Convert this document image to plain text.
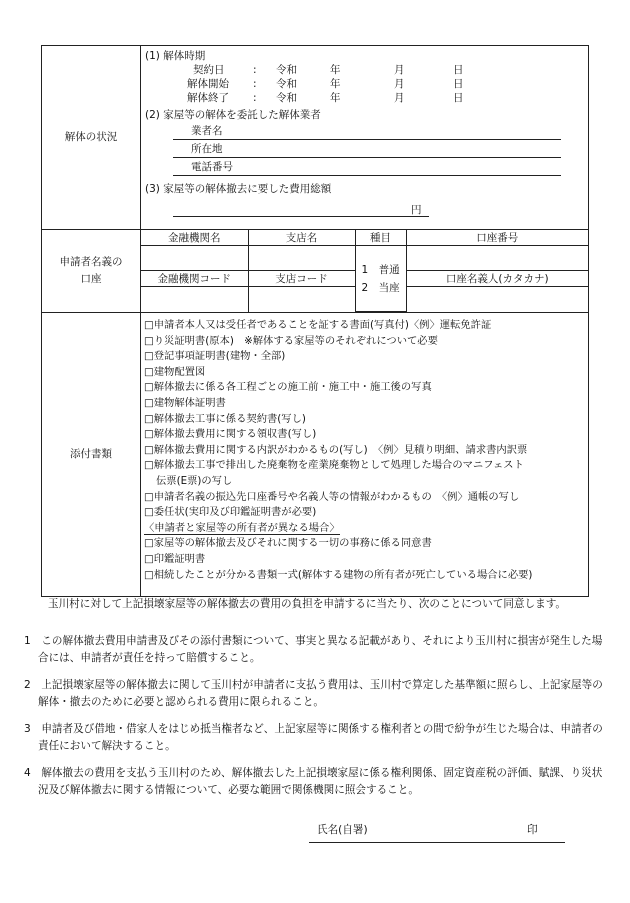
解体の状況
(1) 解体時期
契約日	: 令和	年	月	日
解体開始 : 令和	年	月	日
解体終了 : 令和	年	月	日
(2) 家屋等の解体を委託した解体業者
業者名
所在地
電話番号
(3) 家屋等の解体撤去に要した費用総額
円
申請者名義の
口座
金融機関名	支店名	種目	口座番号

		1　普通
2　当座	

金融機関コード	支店コード		口座名義人(カタカナ)

添付書類
□申請者本人又は受任者であることを証する書面(写真付)〈例〉運転免許証
□り災証明書(原本)　※解体する家屋等のそれぞれについて必要
□登記事項証明書(建物・全部)
□建物配置図
□解体撤去に係る各工程ごとの施工前・施工中・施工後の写真
□建物解体証明書
□解体撤去工事に係る契約書(写し)
□解体撤去費用に関する領収書(写し)
□解体撤去費用に関する内訳がわかるもの(写し)　〈例〉見積り明細、請求書内訳票
□解体撤去工事で排出した廃棄物を産業廃棄物として処理した場合のマニフェスト
伝票(E票)の写し
□申請者名義の振込先口座番号や名義人等の情報がわかるもの　〈例〉通帳の写し
□委任状(実印及び印鑑証明書が必要)
〈申請者と家屋等の所有者が異なる場合〉
□家屋等の解体撤去及びそれに関する一切の事務に係る同意書
□印鑑証明書
□相続したことが分かる書類一式(解体する建物の所有者が死亡している場合に必要)
玉川村に対して上記損壊家屋等の解体撤去の費用の負担を申請するに当たり、次のことについて同意します。
1　この解体撤去費用申請書及びその添付書類について、事実と異なる記載があり、それにより玉川村に損害が発生した場合には、申請者が責任を持って賠償すること。
2　上記損壊家屋等の解体撤去に関して玉川村が申請者に支払う費用は、玉川村で算定した基準額に照らし、上記家屋等の解体・撤去のために必要と認められる費用に限られること。
3　申請者及び借地・借家人をはじめ抵当権者など、上記家屋等に関係する権利者との間で紛争が生じた場合は、申請者の責任において解決すること。
4　解体撤去の費用を支払う玉川村のため、解体撤去した上記損壊家屋に係る権利関係、固定資産税の評価、賦課、り災状況及び解体撤去に関する情報について、必要な範囲で関係機関に照会すること。
氏名(自署)	印
